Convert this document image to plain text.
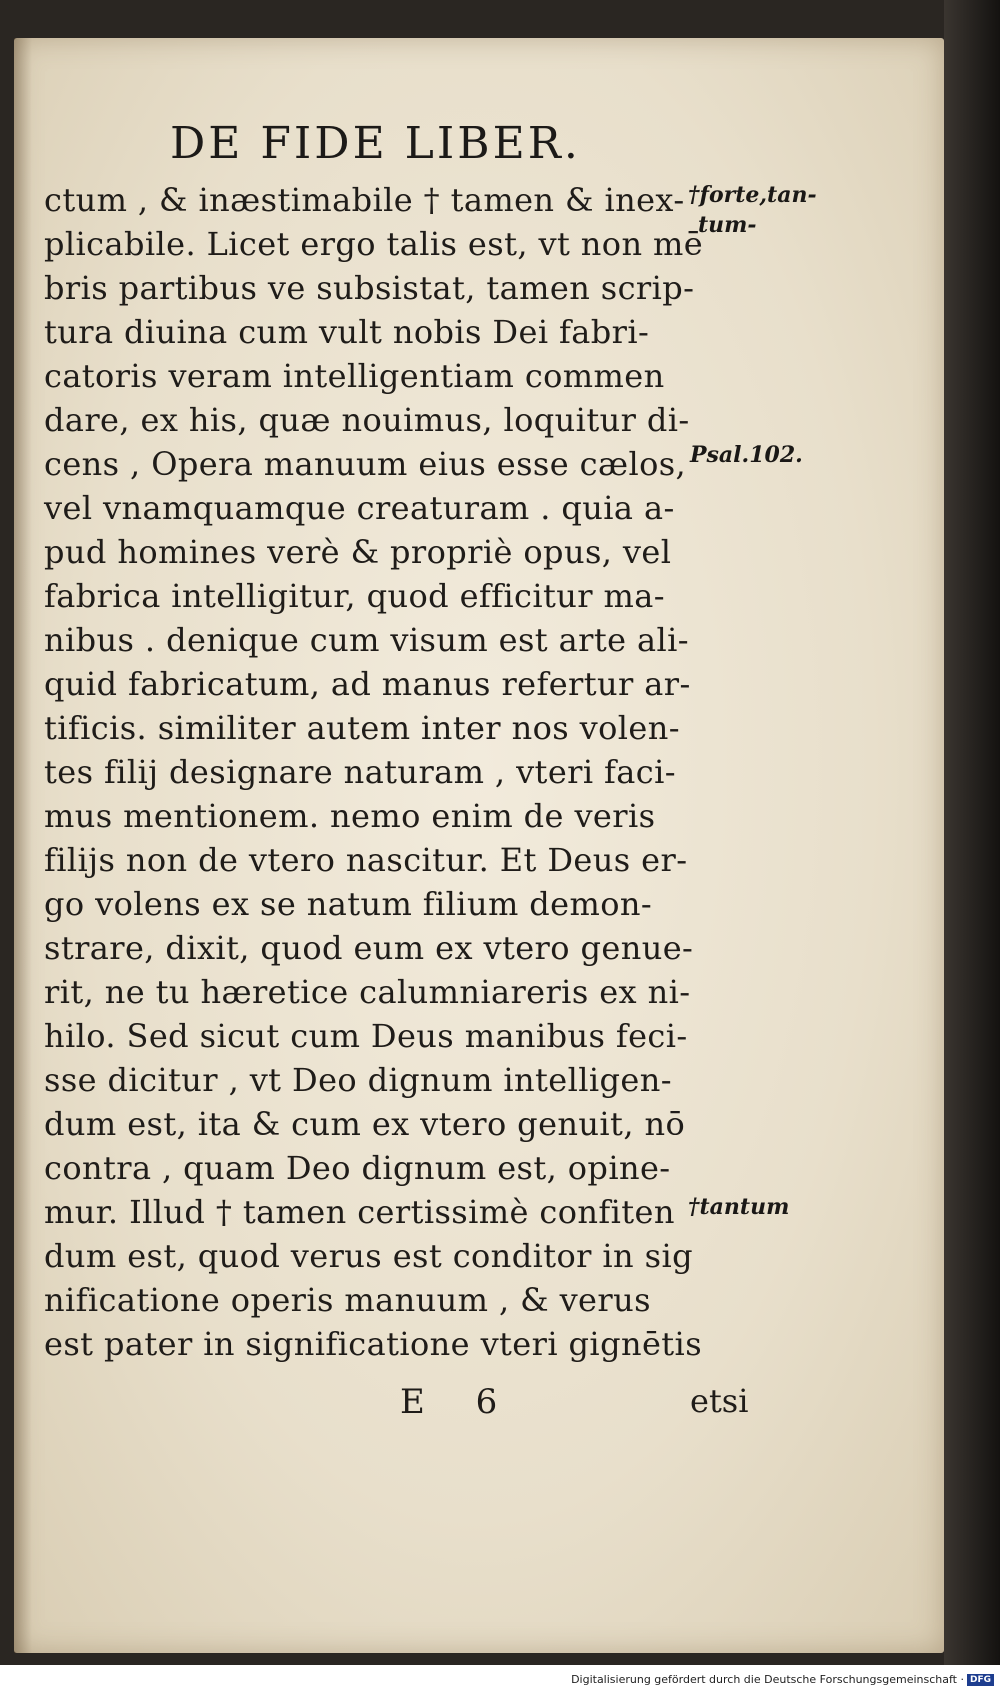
DE FIDE LIBER.
ctum , & inæstimabile † tamen & inex-
plicabile. Licet ergo talis est, vt non mē
bris partibus ve subsistat, tamen scrip-
tura diuina cum vult nobis Dei fabri-
catoris veram intelligentiam commen
dare, ex his, quæ nouimus, loquitur di-
cens , Opera manuum eius esse cælos,
vel vnamquamque creaturam . quia a-
pud homines verè & propriè opus, vel
fabrica intelligitur, quod efficitur ma-
nibus . denique cum visum est arte ali-
quid fabricatum, ad manus refertur ar-
tificis. similiter autem inter nos volen-
tes filij designare naturam , vteri faci-
mus mentionem. nemo enim de veris
filijs non de vtero nascitur. Et Deus er-
go volens ex se natum filium demon-
strare, dixit, quod eum ex vtero genue-
rit, ne tu hæretice calumniareris ex ni-
hilo. Sed sicut cum Deus manibus feci-
sse dicitur , vt Deo dignum intelligen-
dum est, ita & cum ex vtero genuit, nō
contra , quam Deo dignum est, opine-
mur. Illud † tamen certissimè confiten
dum est, quod verus est conditor in sig
nificatione operis manuum , & verus
est pater in significatione vteri gignētis
†forte,tan-
tum-
Psal.102.
†tantum
E 6	etsi
Digitalisierung gefördert durch die Deutsche Forschungsgemeinschaft · DFG
